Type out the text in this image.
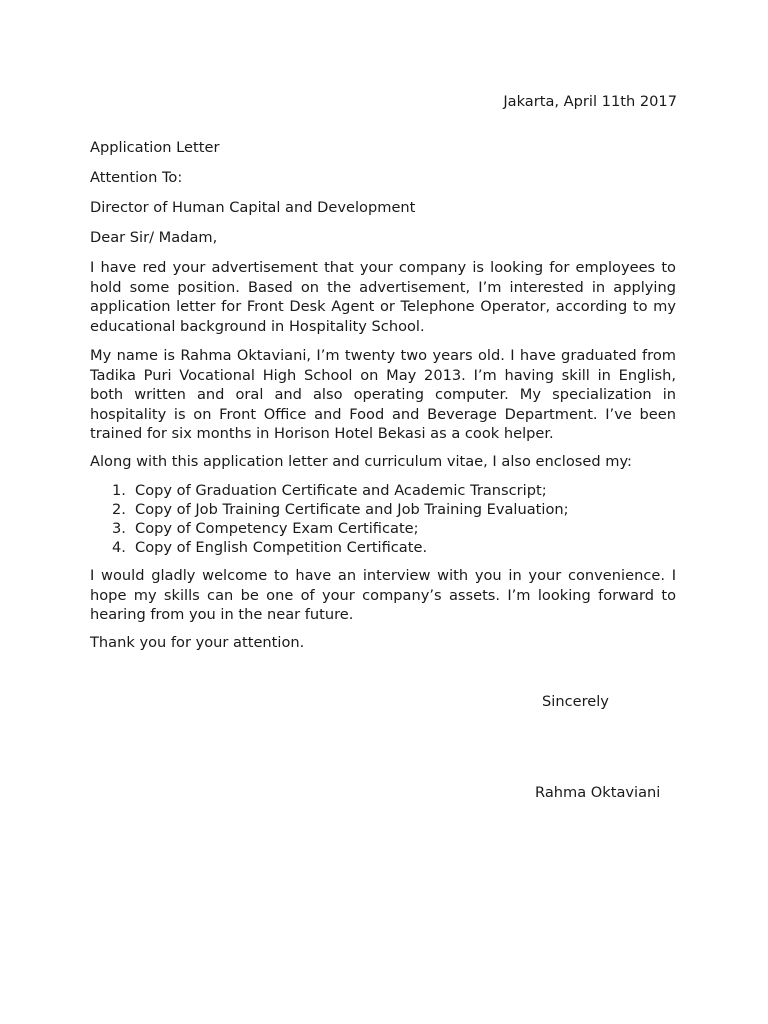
Jakarta, April 11th 2017
Application Letter
Attention To:
Director of Human Capital and Development
Dear Sir/ Madam,

I have red your advertisement that your company is looking for employees to hold some position. Based on the advertisement, I’m interested in applying application letter for Front Desk Agent or Telephone Operator, according to my educational background in Hospitality School.

My name is Rahma Oktaviani, I’m twenty two years old. I have graduated from Tadika Puri Vocational High School on May 2013. I’m having skill in English, both written and oral and also operating computer. My specialization in hospitality is on Front Office and Food and Beverage Department. I’ve been trained for six months in Horison Hotel Bekasi as a cook helper.

Along with this application letter and curriculum vitae, I also enclosed my:

1. Copy of Graduation Certificate and Academic Transcript;
2. Copy of Job Training Certificate and Job Training Evaluation;
3. Copy of Competency Exam Certificate;
4. Copy of English Competition Certificate.

I would gladly welcome to have an interview with you in your convenience. I hope my skills can be one of your company’s assets. I’m looking forward to hearing from you in the near future.

Thank you for your attention.
Sincerely
Rahma Oktaviani
